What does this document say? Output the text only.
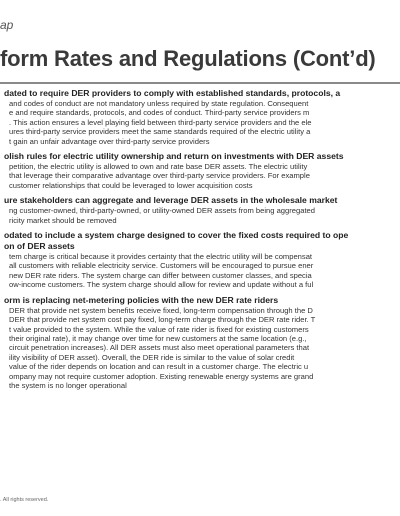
ap
form Rates and Regulations (Cont’d)
dated to require DER providers to comply with established standards, protocols, a
and codes of conduct are not mandatory unless required by state regulation. Consequent
e and require standards, protocols, and codes of conduct. Third-party service providers m
. This action ensures a level playing field between third-party service providers and the ele
ures third-party service providers meet the same standards required of the electric utility a
t gain an unfair advantage over third-party service providers
olish rules for electric utility ownership and return on investments with DER assets
petition, the electric utility is allowed to own and rate base DER assets. The electric utility
that leverage their comparative advantage over third-party service providers. For example
customer relationships that could be leveraged to lower acquisition costs
ure stakeholders can aggregate and leverage DER assets in the wholesale market
ng customer-owned, third-party-owned, or utility-owned DER assets from being aggregated
ricity market should be removed
odated to include a system charge designed to cover the fixed costs required to ope
on of DER assets
tem charge is critical because it provides certainty that the electric utility will be compensat
all customers with reliable electricity service. Customers will be encouraged to pursue ener
new DER rate riders. The system charge can differ between customer classes, and specia
ow-income customers. The system charge should allow for review and update without a ful
orm is replacing net-metering policies with the new DER rate riders
DER that provide net system benefits receive fixed, long-term compensation through the D
DER that provide net system cost pay fixed, long-term charge through the DER rate rider. T
t value provided to the system. While the value of rate rider is fixed for existing customers
their original rate), it may change over time for new customers at the same location (e.g.,
circuit penetration increases). All DER assets must also meet operational parameters that
ility visibility of DER asset). Overall, the DER ride is similar to the value of solar credit
value of the rider depends on location and can result in a customer charge. The electric u
ompany may not require customer adoption. Existing renewable energy systems are grand
the system is no longer operational
. All rights reserved.
